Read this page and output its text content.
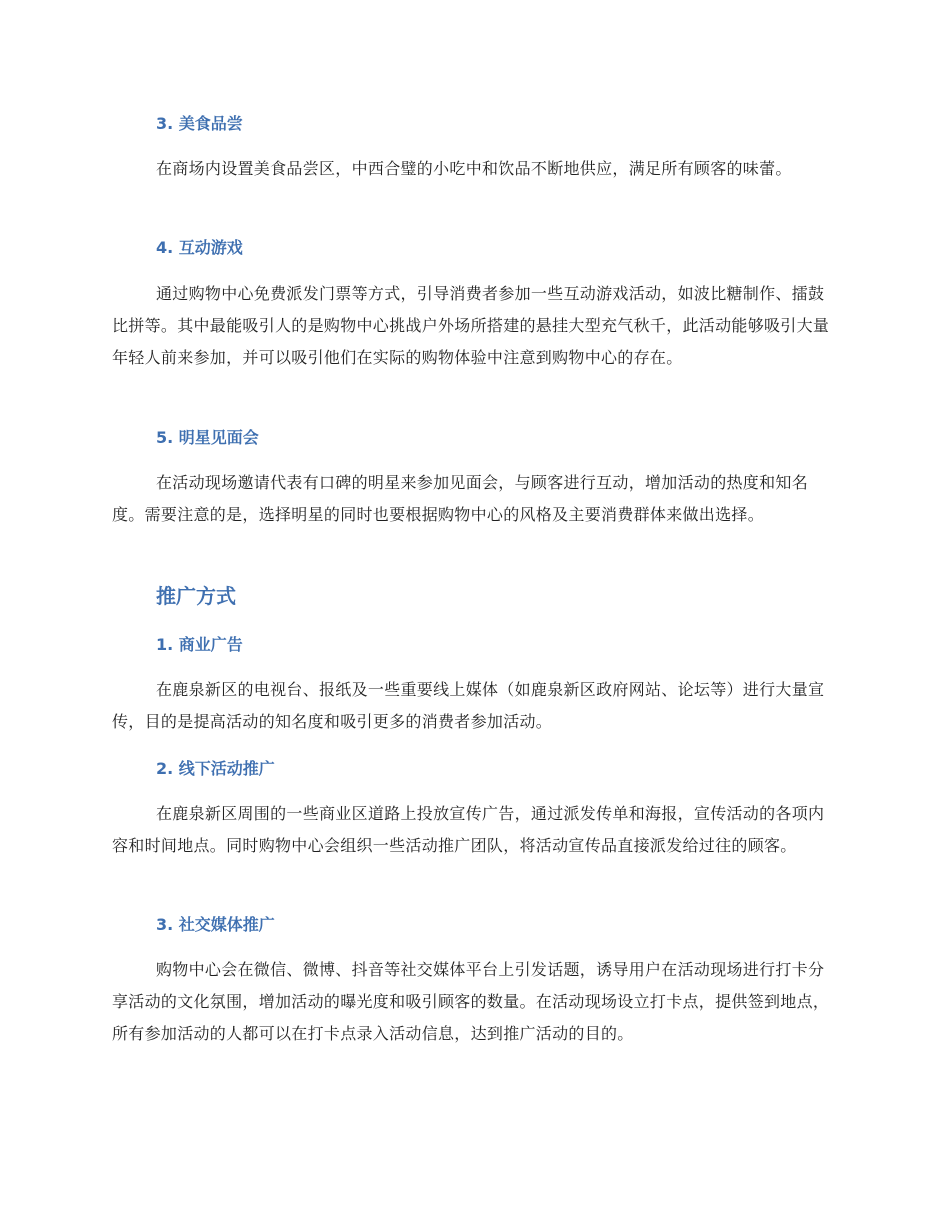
3. 美食品尝

在商场内设置美食品尝区，中西合璧的小吃中和饮品不断地供应，满足所有顾客的味蕾。

4. 互动游戏

通过购物中心免费派发门票等方式，引导消费者参加一些互动游戏活动，如波比糖制作、擂鼓比拼等。其中最能吸引人的是购物中心挑战户外场所搭建的悬挂大型充气秋千，此活动能够吸引大量年轻人前来参加，并可以吸引他们在实际的购物体验中注意到购物中心的存在。

5. 明星见面会

在活动现场邀请代表有口碑的明星来参加见面会，与顾客进行互动，增加活动的热度和知名度。需要注意的是，选择明星的同时也要根据购物中心的风格及主要消费群体来做出选择。

推广方式
1. 商业广告

在鹿泉新区的电视台、报纸及一些重要线上媒体（如鹿泉新区政府网站、论坛等）进行大量宣传，目的是提高活动的知名度和吸引更多的消费者参加活动。

2. 线下活动推广

在鹿泉新区周围的一些商业区道路上投放宣传广告，通过派发传单和海报，宣传活动的各项内容和时间地点。同时购物中心会组织一些活动推广团队，将活动宣传品直接派发给过往的顾客。

3. 社交媒体推广

购物中心会在微信、微博、抖音等社交媒体平台上引发话题，诱导用户在活动现场进行打卡分享活动的文化氛围，增加活动的曝光度和吸引顾客的数量。在活动现场设立打卡点，提供签到地点，所有参加活动的人都可以在打卡点录入活动信息，达到推广活动的目的。
